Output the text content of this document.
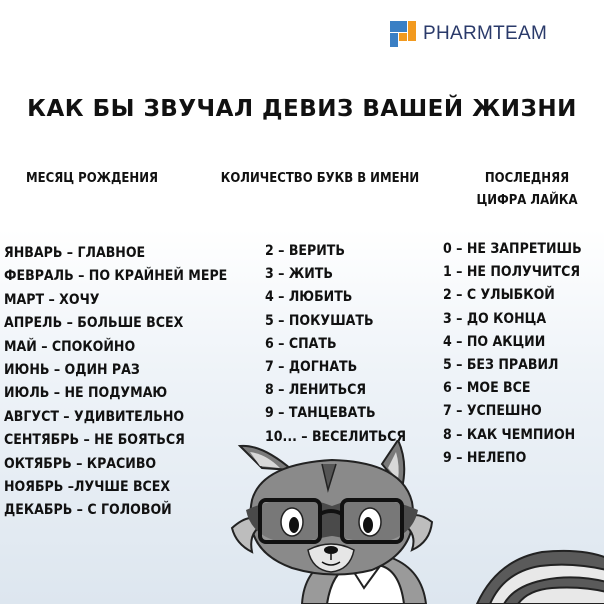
PHARMTEAM
КАК БЫ ЗВУЧАЛ ДЕВИЗ ВАШЕЙ ЖИЗНИ
МЕСЯЦ РОЖДЕНИЯ	КОЛИЧЕСТВО БУКВ В ИМЕНИ	ПОСЛЕДНЯЯ
ЦИФРА ЛАЙКА
ЯНВАРЬ – ГЛАВНОЕ
ФЕВРАЛЬ – ПО КРАЙНЕЙ МЕРЕ
МАРТ – ХОЧУ
АПРЕЛЬ – БОЛЬШЕ ВСЕХ
МАЙ – СПОКОЙНО
ИЮНЬ – ОДИН РАЗ
ИЮЛЬ – НЕ ПОДУМАЮ
АВГУСТ – УДИВИТЕЛЬНО
СЕНТЯБРЬ – НЕ БОЯТЬСЯ
ОКТЯБРЬ – КРАСИВО
НОЯБРЬ –ЛУЧШЕ ВСЕХ
ДЕКАБРЬ – С ГОЛОВОЙ
2 – ВЕРИТЬ
3 – ЖИТЬ
4 – ЛЮБИТЬ
5 – ПОКУШАТЬ
6 – СПАТЬ
7 – ДОГНАТЬ
8 – ЛЕНИТЬСЯ
9 – ТАНЦЕВАТЬ
10... – ВЕСЕЛИТЬСЯ
0 – НЕ ЗАПРЕТИШЬ
1 – НЕ ПОЛУЧИТСЯ
2 – С УЛЫБКОЙ
3 – ДО КОНЦА
4 – ПО АКЦИИ
5 – БЕЗ ПРАВИЛ
6 – МОЕ ВСЕ
7 – УСПЕШНО
8 – КАК ЧЕМПИОН
9 – НЕЛЕПО
